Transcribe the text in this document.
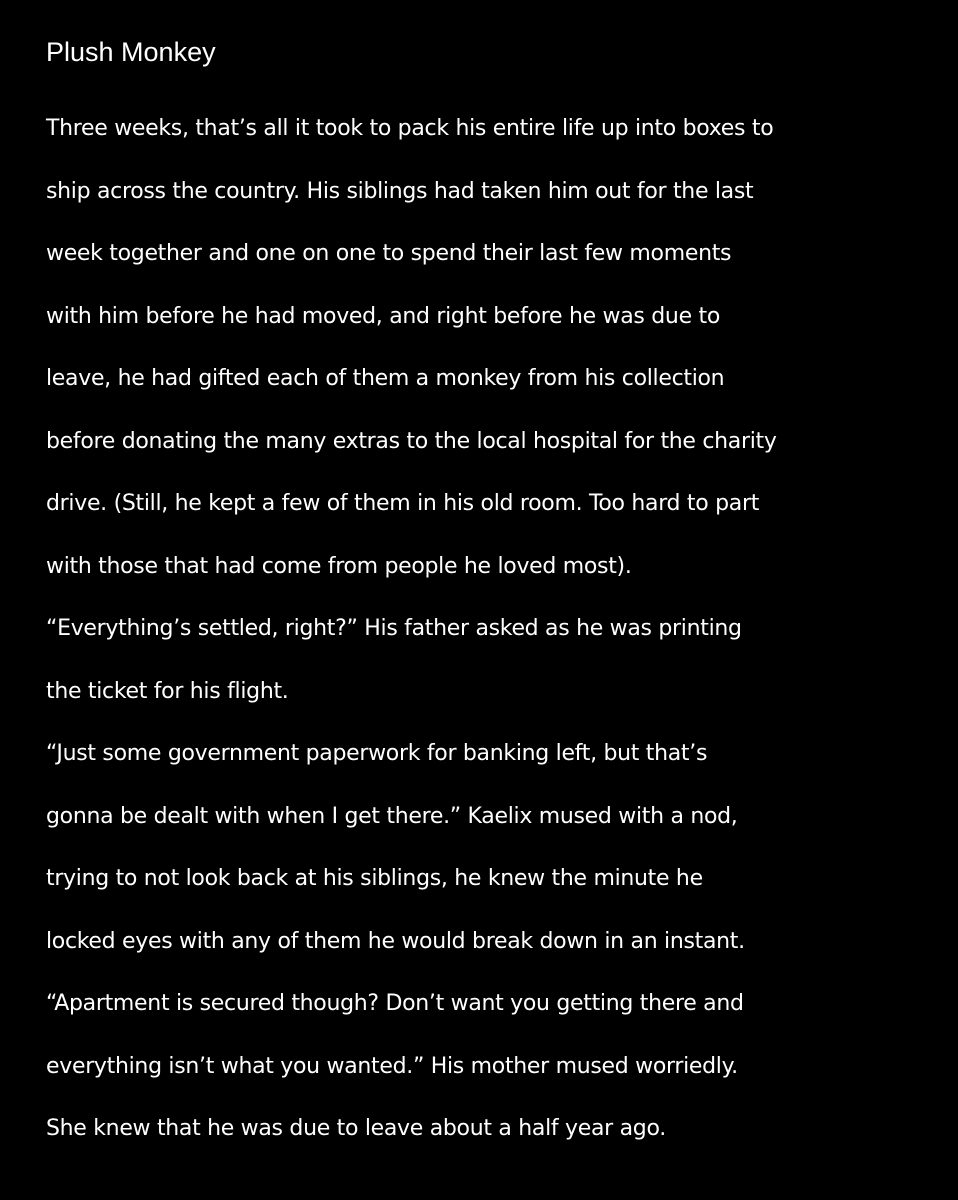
Plush Monkey
Three weeks, that’s all it took to pack his entire life up into boxes to
ship across the country. His siblings had taken him out for the last
week together and one on one to spend their last few moments
with him before he had moved, and right before he was due to
leave, he had gifted each of them a monkey from his collection
before donating the many extras to the local hospital for the charity
drive. (Still, he kept a few of them in his old room. Too hard to part
with those that had come from people he loved most).
“Everything’s settled, right?” His father asked as he was printing
the ticket for his flight.
“Just some government paperwork for banking left, but that’s
gonna be dealt with when I get there.” Kaelix mused with a nod,
trying to not look back at his siblings, he knew the minute he
locked eyes with any of them he would break down in an instant.
“Apartment is secured though? Don’t want you getting there and
everything isn’t what you wanted.” His mother mused worriedly.
She knew that he was due to leave about a half year ago.
